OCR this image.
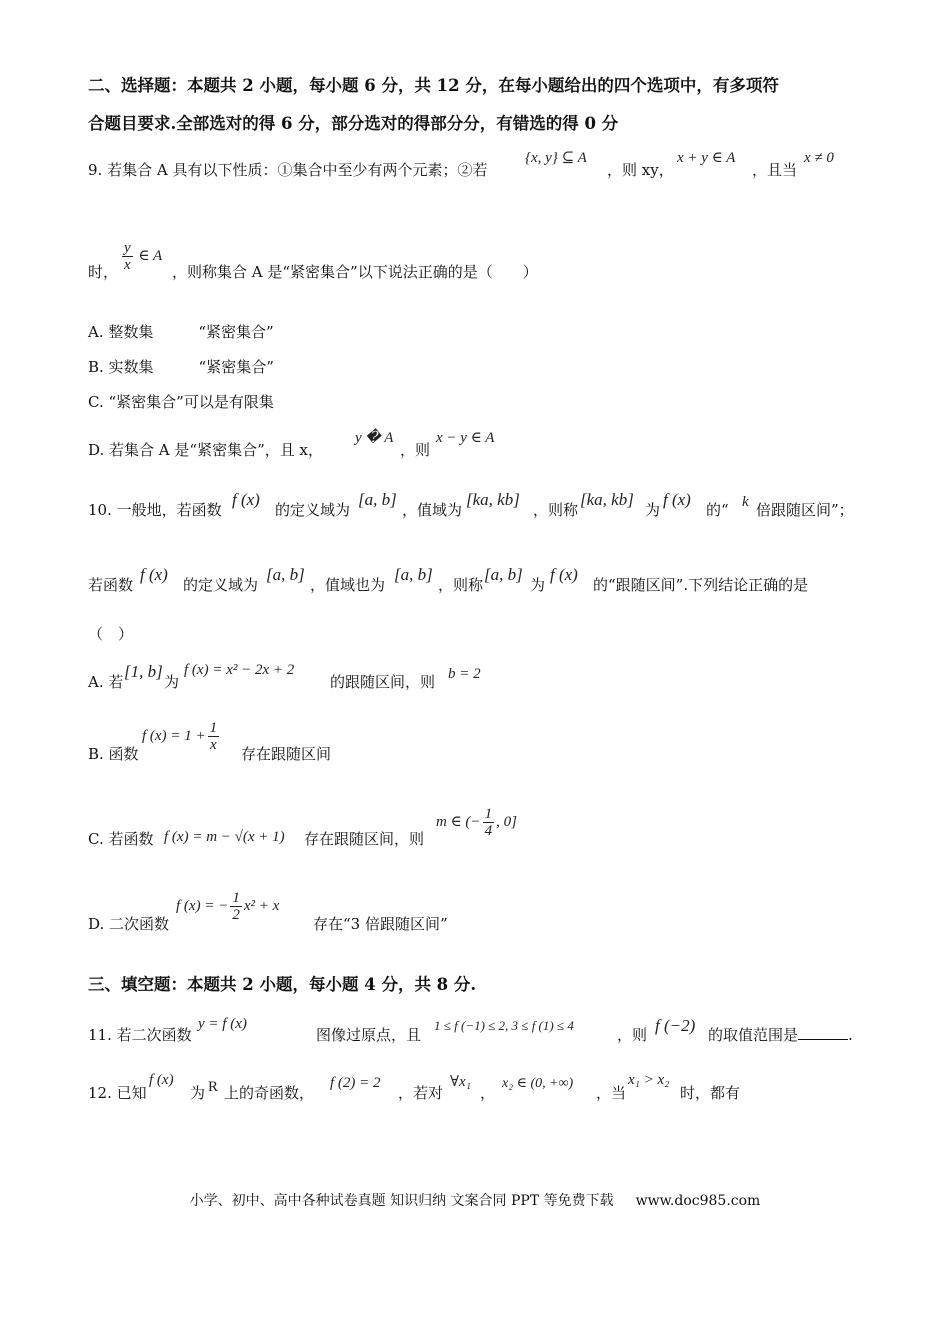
二、选择题：本题共 2 小题，每小题 6 分，共 12 分，在每小题给出的四个选项中，有多项符
合题目要求.全部选对的得 6 分，部分选对的得部分分，有错选的得 0 分
9. 若集合 A 具有以下性质：①集合中至少有两个元素；②若
{x, y} ⊆ A
，则 xy，
x + y ∈ A
，且当
x ≠ 0
时， $\frac{y}{x}$ ∈ A
，则称集合 A 是“紧密集合”以下说法正确的是（　　）
A. 整数集　　　“紧密集合”
B. 实数集　　　“紧密集合”
C. “紧密集合”可以是有限集
D. 若集合 A 是“紧密集合”，且 x，
y � A
，则
x − y ∈ A
10. 一般地，若函数
f (x)
的定义域为
[a, b]
，值域为
[ka, kb]
，则称
[ka, kb]
为
f (x)
的“ k 倍跟随区间”；
若函数
f (x)
的定义域为
[a, b]
，值域也为
[a, b]
，则称
[a, b]
为
f (x)
的“跟随区间”.下列结论正确的是
（　）
A. 若
[1, b]
为
f (x) = x² − 2x + 2
的跟随区间，则 b = 2
B. 函数
f $(x) = 1 + \frac{1}{x}$
存在跟随区间
C. 若函数 f (x) = m − √(x + 1) 存在跟随区间，则
m ∈ (− $\frac{1}{4}$ , 0]
D. 二次函数
f (x) = − $\frac{1}{2} x^2 + x$
存在“3 倍跟随区间”
三、填空题：本题共 2 小题，每小题 4 分，共 8 分.
11. 若二次函数
y = f (x)
图像过原点，且
1 ≤ f (−1) ≤ 2, 3 ≤ f (1) ≤ 4
，则 f (−2) 的取值范围是	.
12. 已知
f (x)
为 R 上的奇函数，
f (2) = 2
，若对
∀x₁
，
x₂ ∈ (0, +∞)
，当
x₁ > x₂
时，都有
小学、初中、高中各种试卷真题 知识归纳 文案合同 PPT 等免费下载 www.doc985.com
